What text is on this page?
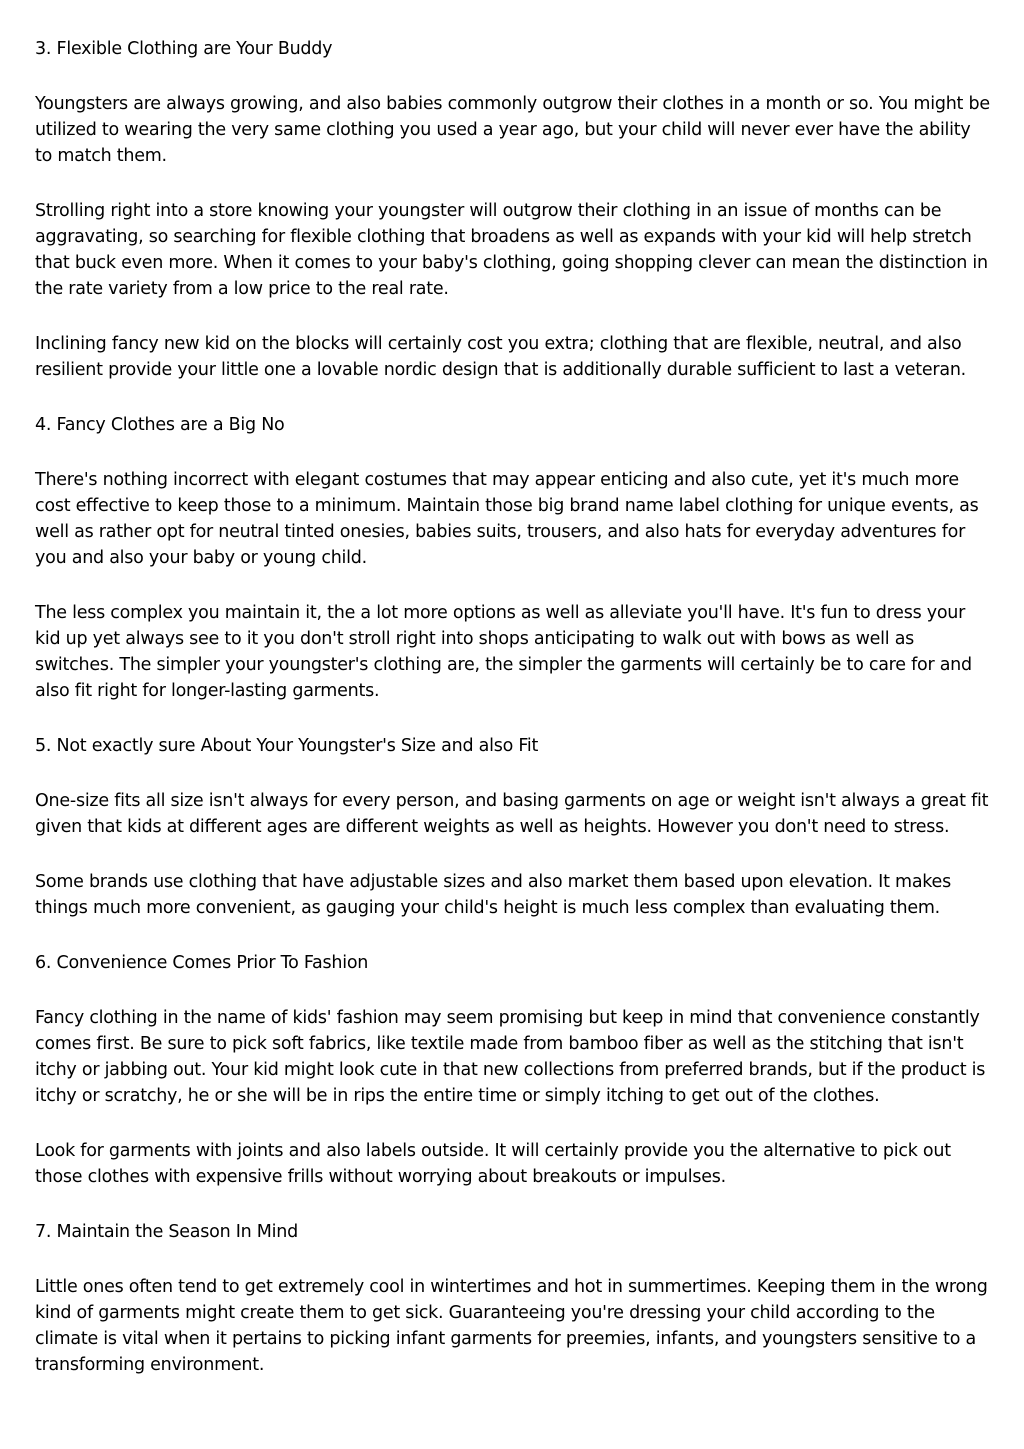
3. Flexible Clothing are Your Buddy

Youngsters are always growing, and also babies commonly outgrow their clothes in a month or so. You might be utilized to wearing the very same clothing you used a year ago, but your child will never ever have the ability to match them.

Strolling right into a store knowing your youngster will outgrow their clothing in an issue of months can be aggravating, so searching for flexible clothing that broadens as well as expands with your kid will help stretch that buck even more. When it comes to your baby's clothing, going shopping clever can mean the distinction in the rate variety from a low price to the real rate.

Inclining fancy new kid on the blocks will certainly cost you extra; clothing that are flexible, neutral, and also resilient provide your little one a lovable nordic design that is additionally durable sufficient to last a veteran.

4. Fancy Clothes are a Big No

There's nothing incorrect with elegant costumes that may appear enticing and also cute, yet it's much more cost effective to keep those to a minimum. Maintain those big brand name label clothing for unique events, as well as rather opt for neutral tinted onesies, babies suits, trousers, and also hats for everyday adventures for you and also your baby or young child.

The less complex you maintain it, the a lot more options as well as alleviate you'll have. It's fun to dress your kid up yet always see to it you don't stroll right into shops anticipating to walk out with bows as well as switches. The simpler your youngster's clothing are, the simpler the garments will certainly be to care for and also fit right for longer-lasting garments.

5. Not exactly sure About Your Youngster's Size and also Fit

One-size fits all size isn't always for every person, and basing garments on age or weight isn't always a great fit given that kids at different ages are different weights as well as heights. However you don't need to stress.

Some brands use clothing that have adjustable sizes and also market them based upon elevation. It makes things much more convenient, as gauging your child's height is much less complex than evaluating them.

6. Convenience Comes Prior To Fashion

Fancy clothing in the name of kids' fashion may seem promising but keep in mind that convenience constantly comes first. Be sure to pick soft fabrics, like textile made from bamboo fiber as well as the stitching that isn't itchy or jabbing out. Your kid might look cute in that new collections from preferred brands, but if the product is itchy or scratchy, he or she will be in rips the entire time or simply itching to get out of the clothes.

Look for garments with joints and also labels outside. It will certainly provide you the alternative to pick out those clothes with expensive frills without worrying about breakouts or impulses.

7. Maintain the Season In Mind

Little ones often tend to get extremely cool in wintertimes and hot in summertimes. Keeping them in the wrong kind of garments might create them to get sick. Guaranteeing you're dressing your child according to the climate is vital when it pertains to picking infant garments for preemies, infants, and youngsters sensitive to a transforming environment.
